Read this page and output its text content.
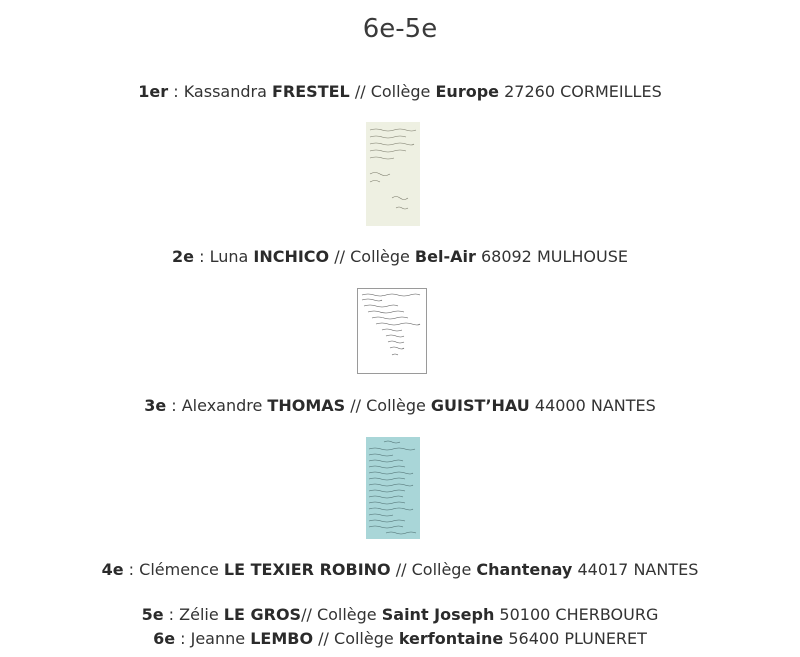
6e-5e
1er : Kassandra FRESTEL // Collège Europe 27260 CORMEILLES
2e : Luna INCHICO // Collège Bel-Air 68092 MULHOUSE
3e : Alexandre THOMAS // Collège GUIST’HAU 44000 NANTES
4e : Clémence LE TEXIER ROBINO // Collège Chantenay 44017 NANTES
5e : Zélie LE GROS// Collège Saint Joseph 50100 CHERBOURG
6e : Jeanne LEMBO // Collège kerfontaine 56400 PLUNERET
